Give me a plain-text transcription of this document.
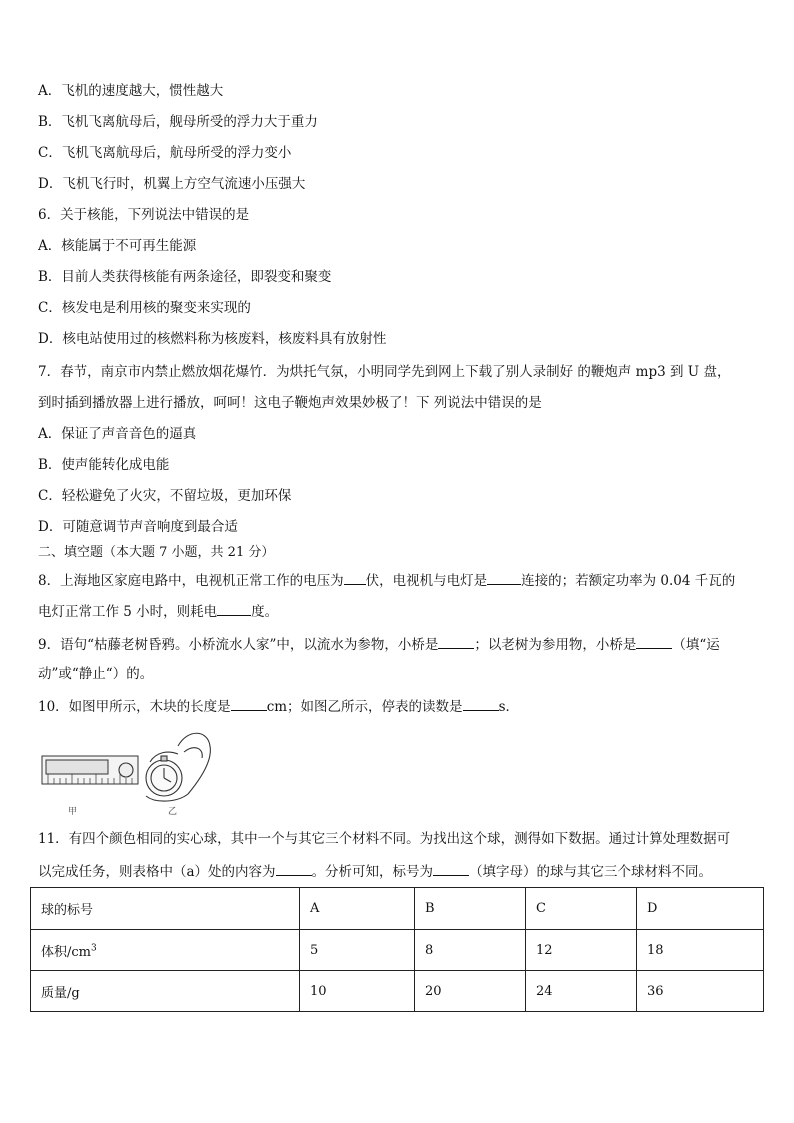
A．飞机的速度越大，惯性越大
B．飞机飞离航母后，舰母所受的浮力大于重力
C．飞机飞离航母后，航母所受的浮力变小
D．飞机飞行时，机翼上方空气流速小压强大
6．关于核能，下列说法中错误的是
A．核能属于不可再生能源
B．目前人类获得核能有两条途径，即裂变和聚变
C．核发电是利用核的聚变来实现的
D．核电站使用过的核燃料称为核废料，核废料具有放射性
7．春节，南京市内禁止燃放烟花爆竹．为烘托气氛，小明同学先到网上下载了别人录制好 的鞭炮声 mp3 到 U 盘，
到时插到播放器上进行播放，呵呵！这电子鞭炮声效果妙极了！下 列说法中错误的是
A．保证了声音音色的逼真
B．使声能转化成电能
C．轻松避免了火灾，不留垃圾，更加环保
D．可随意调节声音响度到最合适
二、填空题（本大题 7 小题，共 21 分）
8．上海地区家庭电路中，电视机正常工作的电压为 伏，电视机与电灯是	连接的；若额定功率为 0.04 千瓦的
电灯正常工作 5 小时，则耗电	度。
9．语句“枯藤老树昏鸦。小桥流水人家”中，以流水为参物，小桥是	；以老树为参用物，小桥是	（填“运
动”或“静止“）的。
10．如图甲所示，木块的长度是	cm；如图乙所示，停表的读数是	s．
甲	乙
11．有四个颜色相同的实心球，其中一个与其它三个材料不同。为找出这个球，测得如下数据。通过计算处理数据可
以完成任务，则表格中（a）处的内容为	。分析可知，标号为	（填字母）的球与其它三个球材料不同。
球的标号	A	B	C	D
体积$/cm^3$	5	8	12	18
质量/g	10	20	24	36
